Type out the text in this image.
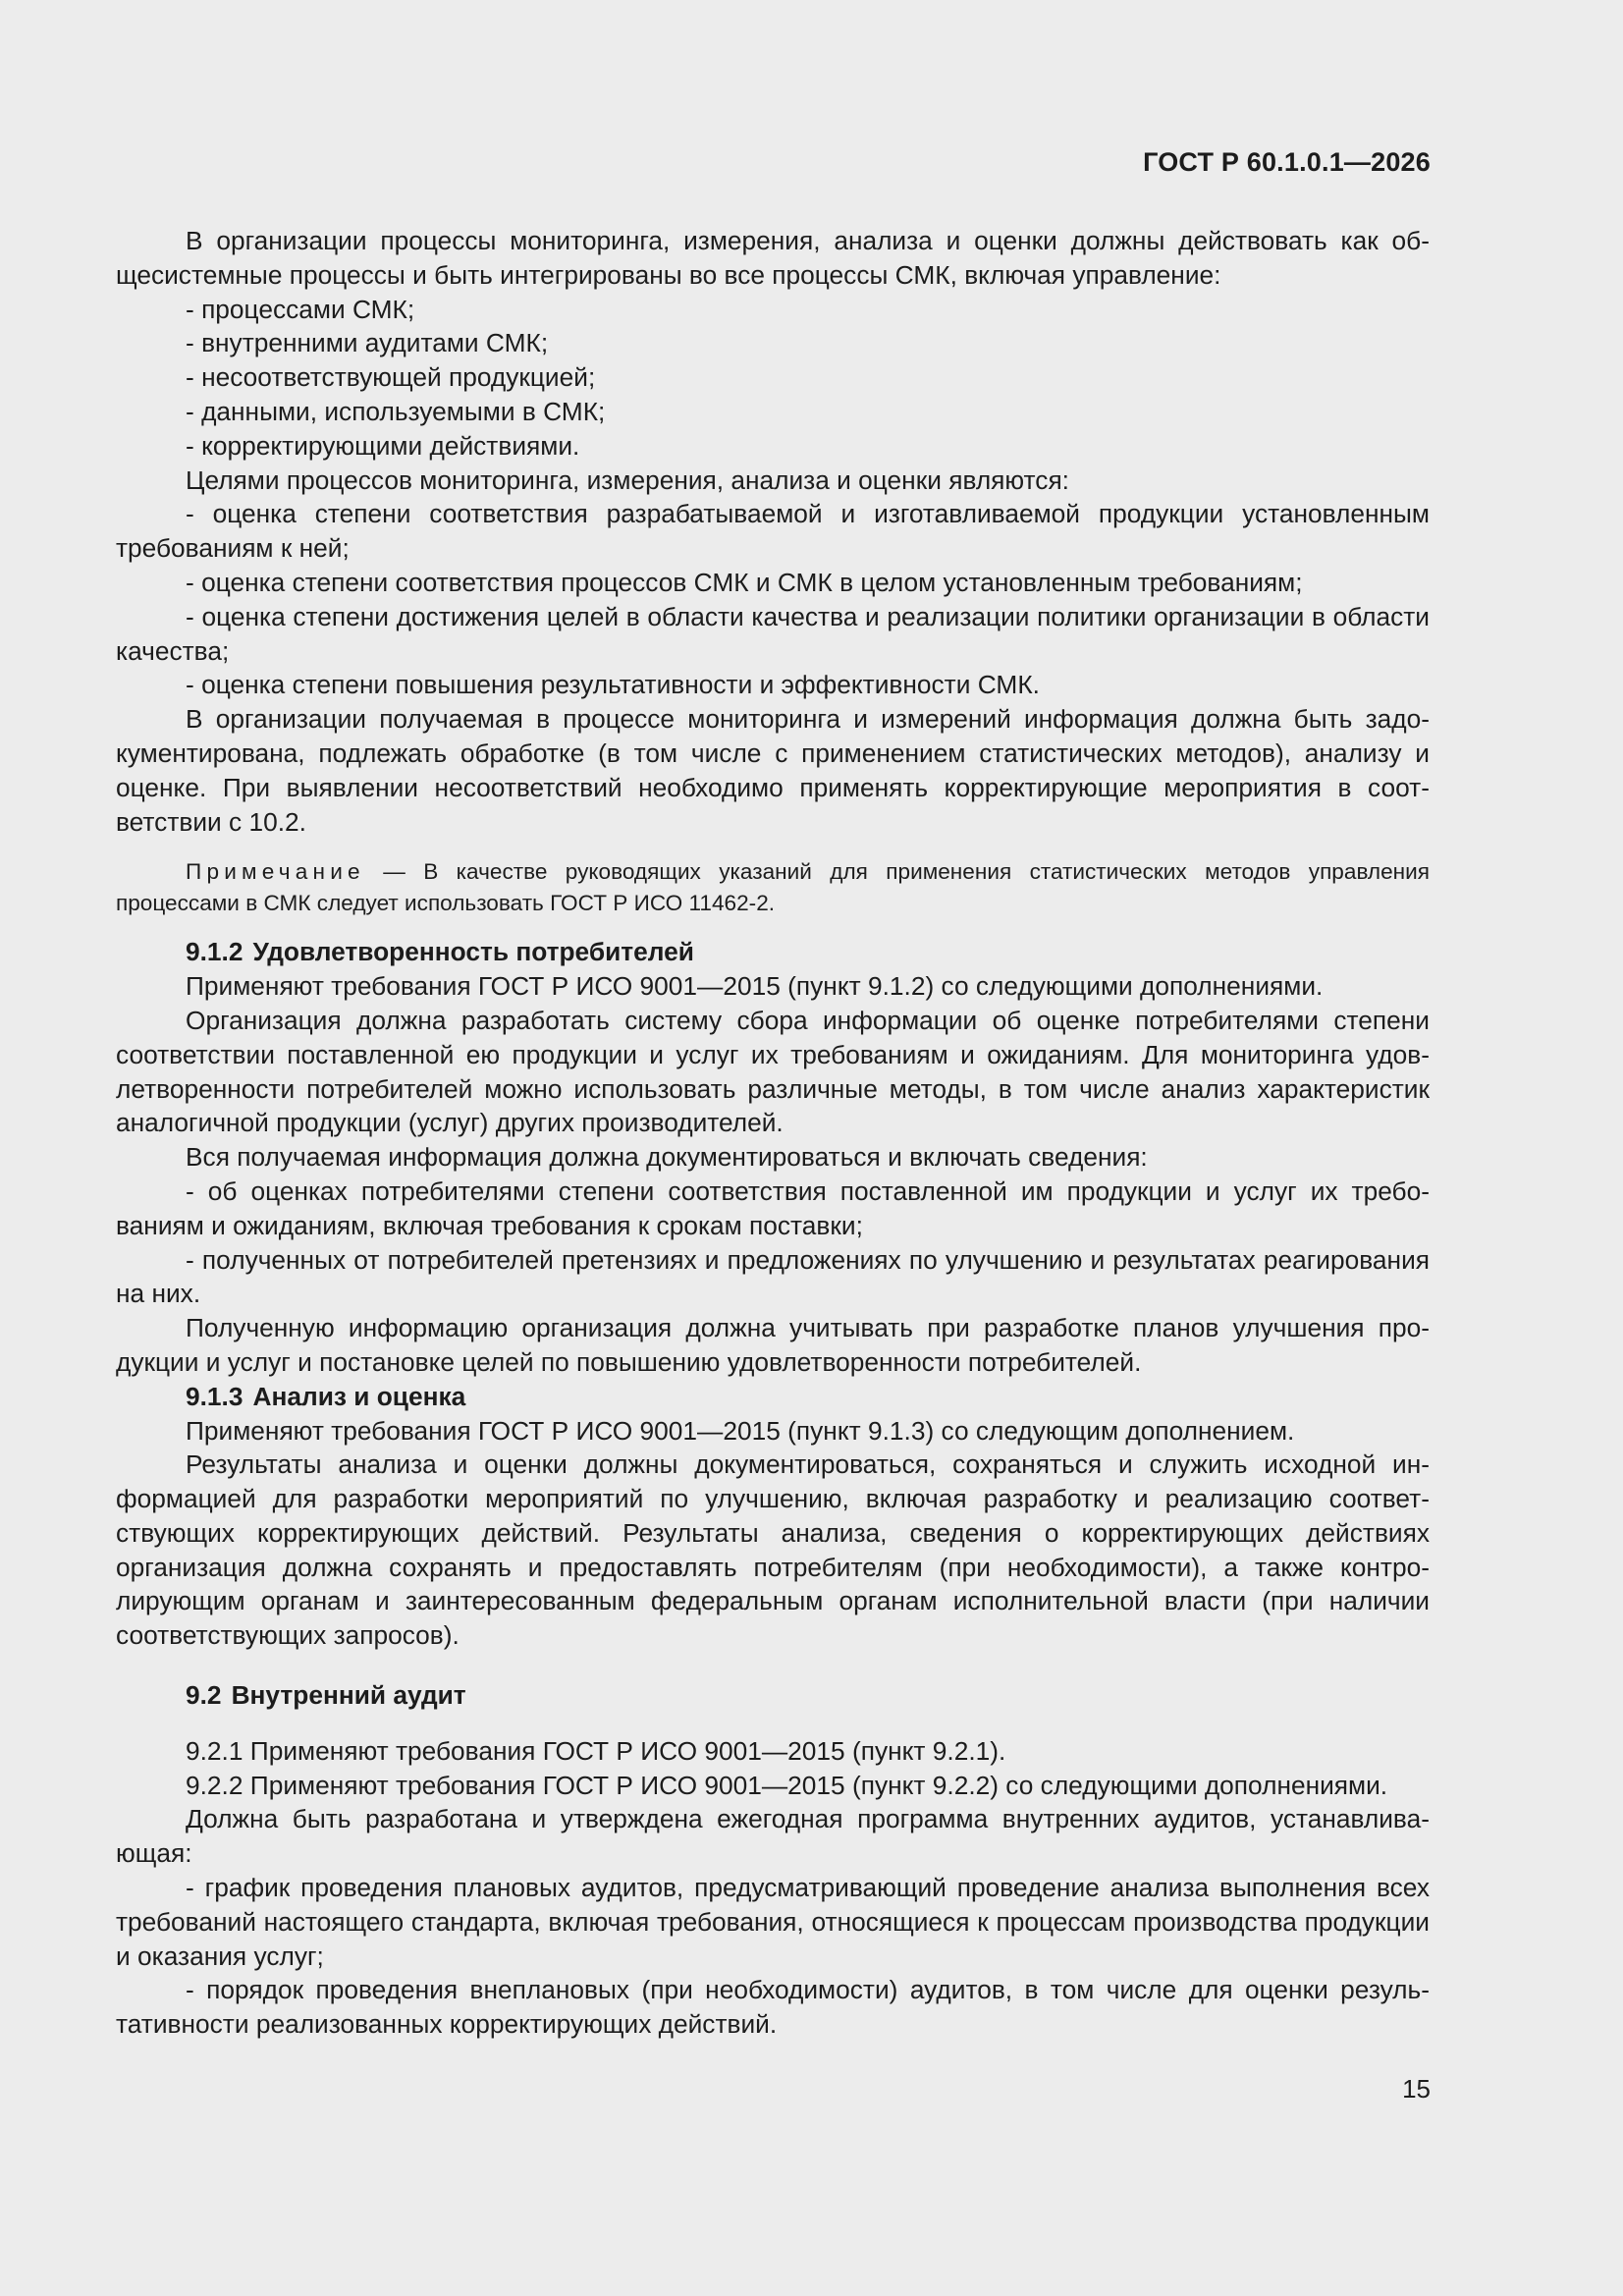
ГОСТ Р 60.1.0.1—2026

В организации процессы мониторинга, измерения, анализа и оценки должны действовать как общесистемные процессы и быть интегрированы во все процессы СМК, включая управление:

- процессами СМК;

- внутренними аудитами СМК;

- несоответствующей продукцией;

- данными, используемыми в СМК;

- корректирующими действиями.

Целями процессов мониторинга, измерения, анализа и оценки являются:

- оценка степени соответствия разрабатываемой и изготавливаемой продукции установленным требованиям к ней;

- оценка степени соответствия процессов СМК и СМК в целом установленным требованиям;

- оценка степени достижения целей в области качества и реализации политики организации в области качества;

- оценка степени повышения результативности и эффективности СМК.

В организации получаемая в процессе мониторинга и измерений информация должна быть задокументирована, подлежать обработке (в том числе с применением статистических методов), анализу и оценке. При выявлении несоответствий необходимо применять корректирующие мероприятия в соответствии с 10.2.

Примечание — В качестве руководящих указаний для применения статистических методов управления процессами в СМК следует использовать ГОСТ Р ИСО 11462-2.

9.1.2 Удовлетворенность потребителей

Применяют требования ГОСТ Р ИСО 9001—2015 (пункт 9.1.2) со следующими дополнениями.

Организация должна разработать систему сбора информации об оценке потребителями степени соответствии поставленной ею продукции и услуг их требованиям и ожиданиям. Для мониторинга удовлетворенности потребителей можно использовать различные методы, в том числе анализ характеристик аналогичной продукции (услуг) других производителей.

Вся получаемая информация должна документироваться и включать сведения:

- об оценках потребителями степени соответствия поставленной им продукции и услуг их требованиям и ожиданиям, включая требования к срокам поставки;

- полученных от потребителей претензиях и предложениях по улучшению и результатах реагирования на них.

Полученную информацию организация должна учитывать при разработке планов улучшения продукции и услуг и постановке целей по повышению удовлетворенности потребителей.

9.1.3 Анализ и оценка

Применяют требования ГОСТ Р ИСО 9001—2015 (пункт 9.1.3) со следующим дополнением.

Результаты анализа и оценки должны документироваться, сохраняться и служить исходной информацией для разработки мероприятий по улучшению, включая разработку и реализацию соответствующих корректирующих действий. Результаты анализа, сведения о корректирующих действиях организация должна сохранять и предоставлять потребителям (при необходимости), а также контролирующим органам и заинтересованным федеральным органам исполнительной власти (при наличии соответствующих запросов).

9.2 Внутренний аудит

9.2.1 Применяют требования ГОСТ Р ИСО 9001—2015 (пункт 9.2.1).

9.2.2 Применяют требования ГОСТ Р ИСО 9001—2015 (пункт 9.2.2) со следующими дополнениями.

Должна быть разработана и утверждена ежегодная программа внутренних аудитов, устанавливающая:

- график проведения плановых аудитов, предусматривающий проведение анализа выполнения всех требований настоящего стандарта, включая требования, относящиеся к процессам производства продукции и оказания услуг;

- порядок проведения внеплановых (при необходимости) аудитов, в том числе для оценки результативности реализованных корректирующих действий.

15
